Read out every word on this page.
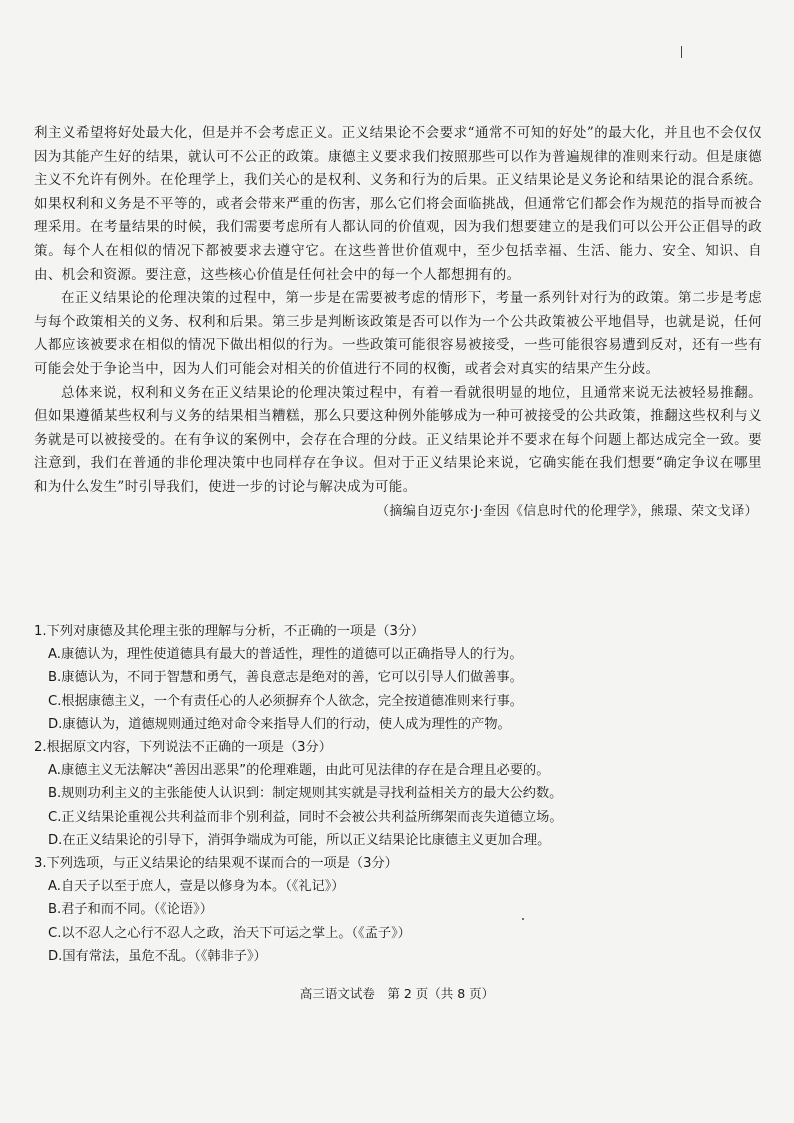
利主义希望将好处最大化，但是并不会考虑正义。正义结果论不会要求“通常不可知的好处”的最大化，并且也不会仅仅因为其能产生好的结果，就认可不公正的政策。康德主义要求我们按照那些可以作为普遍规律的准则来行动。但是康德主义不允许有例外。在伦理学上，我们关心的是权利、义务和行为的后果。正义结果论是义务论和结果论的混合系统。如果权利和义务是不平等的，或者会带来严重的伤害，那么它们将会面临挑战，但通常它们都会作为规范的指导而被合理采用。在考量结果的时候，我们需要考虑所有人都认同的价值观，因为我们想要建立的是我们可以公开公正倡导的政策。每个人在相似的情况下都被要求去遵守它。在这些普世价值观中，至少包括幸福、生活、能力、安全、知识、自由、机会和资源。要注意，这些核心价值是任何社会中的每一个人都想拥有的。

在正义结果论的伦理决策的过程中，第一步是在需要被考虑的情形下，考量一系列针对行为的政策。第二步是考虑与每个政策相关的义务、权利和后果。第三步是判断该政策是否可以作为一个公共政策被公平地倡导，也就是说，任何人都应该被要求在相似的情况下做出相似的行为。一些政策可能很容易被接受，一些可能很容易遭到反对，还有一些有可能会处于争论当中，因为人们可能会对相关的价值进行不同的权衡，或者会对真实的结果产生分歧。

总体来说，权利和义务在正义结果论的伦理决策过程中，有着一看就很明显的地位，且通常来说无法被轻易推翻。但如果遵循某些权利与义务的结果相当糟糕，那么只要这种例外能够成为一种可被接受的公共政策，推翻这些权利与义务就是可以被接受的。在有争议的案例中，会存在合理的分歧。正义结果论并不要求在每个问题上都达成完全一致。要注意到，我们在普通的非伦理决策中也同样存在争议。但对于正义结果论来说，它确实能在我们想要“确定争议在哪里和为什么发生”时引导我们，使进一步的讨论与解决成为可能。

（摘编自迈克尔·J·奎因《信息时代的伦理学》，熊璟、荣文戈译）

1.下列对康德及其伦理主张的理解与分析，不正确的一项是（3分）

A.康德认为，理性使道德具有最大的普适性，理性的道德可以正确指导人的行为。

B.康德认为，不同于智慧和勇气，善良意志是绝对的善，它可以引导人们做善事。

C.根据康德主义，一个有责任心的人必须摒弃个人欲念，完全按道德准则来行事。

D.康德认为，道德规则通过绝对命令来指导人们的行动，使人成为理性的产物。

2.根据原文内容，下列说法不正确的一项是（3分）

A.康德主义无法解决“善因出恶果”的伦理难题，由此可见法律的存在是合理且必要的。

B.规则功利主义的主张能使人认识到：制定规则其实就是寻找利益相关方的最大公约数。

C.正义结果论重视公共利益而非个别利益，同时不会被公共利益所绑架而丧失道德立场。

D.在正义结果论的引导下，消弭争端成为可能，所以正义结果论比康德主义更加合理。

3.下列选项，与正义结果论的结果观不谋而合的一项是（3分）

A.自天子以至于庶人，壹是以修身为本。（《礼记》）

B.君子和而不同。（《论语》）

C.以不忍人之心行不忍人之政，治天下可运之掌上。（《孟子》）

D.国有常法，虽危不乱。（《韩非子》）

高三语文试卷　第 2 页（共 8 页）
